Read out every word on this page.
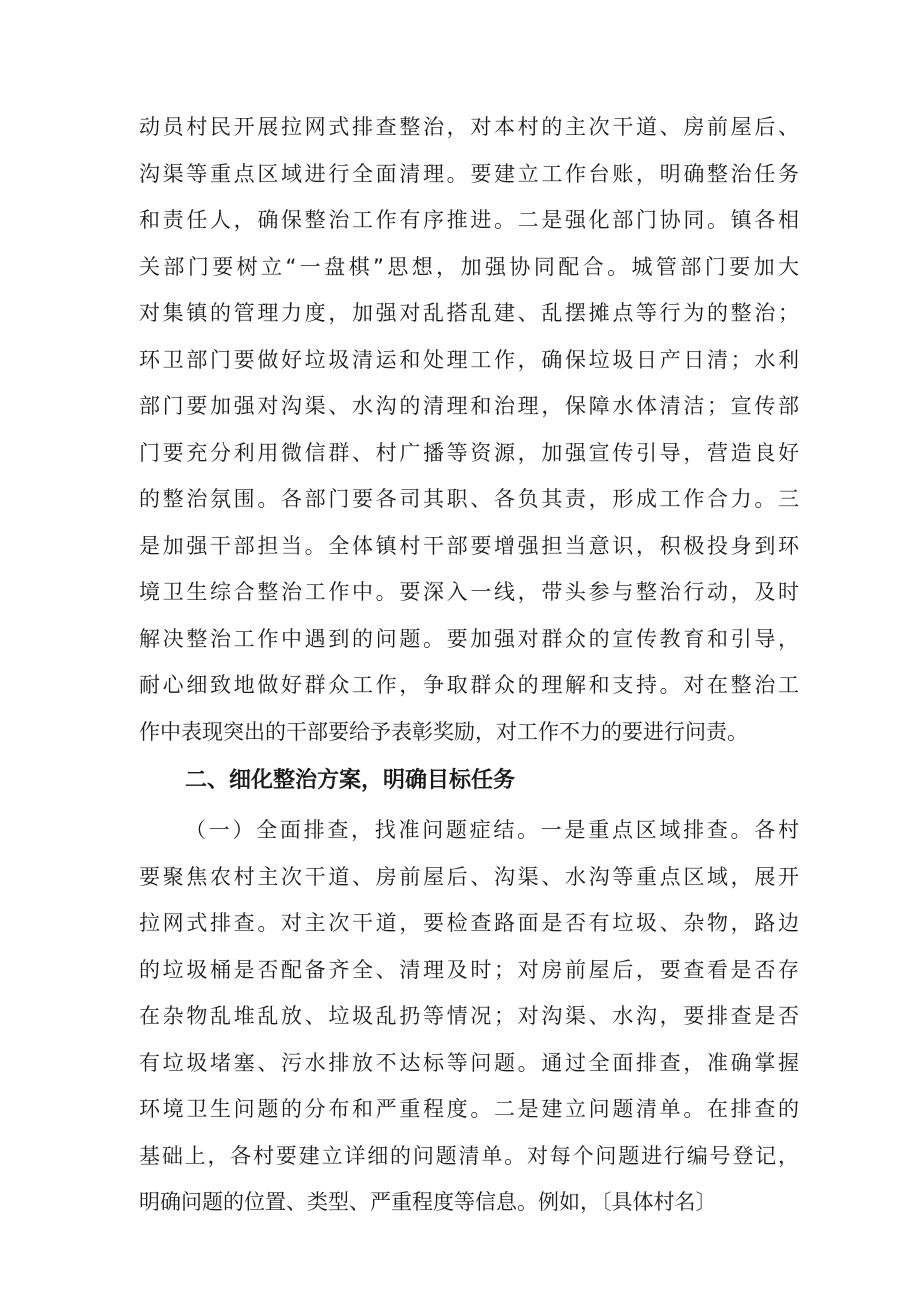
动员村民开展拉网式排查整治，对本村的主次干道、房前屋后、
沟渠等重点区域进行全面清理。要建立工作台账，明确整治任务
和责任人，确保整治工作有序推进。二是强化部门协同。镇各相
关部门要树立“一盘棋”思想，加强协同配合。城管部门要加大
对集镇的管理力度，加强对乱搭乱建、乱摆摊点等行为的整治；
环卫部门要做好垃圾清运和处理工作，确保垃圾日产日清；水利
部门要加强对沟渠、水沟的清理和治理，保障水体清洁；宣传部
门要充分利用微信群、村广播等资源，加强宣传引导，营造良好
的整治氛围。各部门要各司其职、各负其责，形成工作合力。三
是加强干部担当。全体镇村干部要增强担当意识，积极投身到环
境卫生综合整治工作中。要深入一线，带头参与整治行动，及时
解决整治工作中遇到的问题。要加强对群众的宣传教育和引导，
耐心细致地做好群众工作，争取群众的理解和支持。对在整治工
作中表现突出的干部要给予表彰奖励，对工作不力的要进行问责。
二、细化整治方案，明确目标任务
（一）全面排查，找准问题症结。一是重点区域排查。各村
要聚焦农村主次干道、房前屋后、沟渠、水沟等重点区域，展开
拉网式排查。对主次干道，要检查路面是否有垃圾、杂物，路边
的垃圾桶是否配备齐全、清理及时；对房前屋后，要查看是否存
在杂物乱堆乱放、垃圾乱扔等情况；对沟渠、水沟，要排查是否
有垃圾堵塞、污水排放不达标等问题。通过全面排查，准确掌握
环境卫生问题的分布和严重程度。二是建立问题清单。在排查的
基础上，各村要建立详细的问题清单。对每个问题进行编号登记，
明确问题的位置、类型、严重程度等信息。例如，〔具体村名〕
